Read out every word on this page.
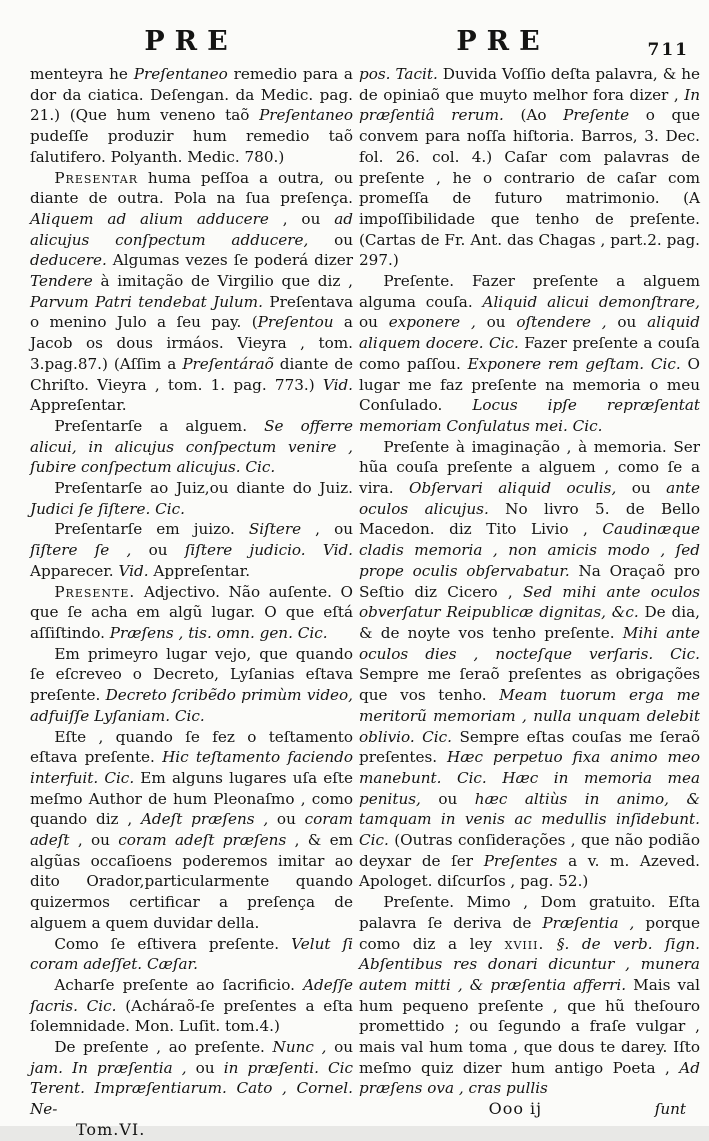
PRE	PRE	711

menteyra he Preſentaneo remedio para a dor da ciatica. Deſengan. da Medic. pag. 21.) (Que hum veneno taõ Preſentaneo pudeſſe produzir hum remedio taõ ſalutifero. Polyanth. Medic. 780.)

Presentar huma peſſoa a outra, ou diante de outra. Pola na ſua preſença. Aliquem ad alium adducere , ou ad alicujus conſpectum adducere, ou deducere. Algumas vezes ſe poderá dizer Tendere à imitação de Virgilio que diz , Parvum Patri tendebat Julum. Preſentava o menino Julo a ſeu pay. (Preſentou a Jacob os dous irmáos. Vieyra , tom. 3.pag.87.) (Aſſim a Preſentáraõ diante de Chriſto. Vieyra , tom. 1. pag. 773.) Vid. Appreſentar.

Preſentarſe a alguem. Se offerre alicui, in alicujus conſpectum venire , ſubire conſpectum alicujus. Cic.

Preſentarſe ao Juiz,ou diante do Juiz. Judici ſe ſiſtere. Cic.

Preſentarſe em juizo. Siſtere , ou ſiſtere ſe , ou ſiſtere judicio. Vid. Apparecer. Vid. Appreſentar.

Presente. Adjectivo. Não auſente. O que ſe acha em algũ lugar. O que eſtá aſſiſtindo. Præſens , tis. omn. gen. Cic.

Em primeyro lugar vejo, que quando ſe eſcreveo o Decreto, Lyſanias eſtava preſente. Decreto ſcribẽdo primùm video, adfuiſſe Lyſaniam. Cic.

Eſte , quando ſe fez o teſtamento eſtava preſente. Hic teſtamento faciendo interfuit. Cic. Em alguns lugares uſa eſte meſmo Author de hum Pleonaſmo , como quando diz , Adeſt præſens , ou coram adeſt , ou coram adeſt præſens , & em algũas occaſioens poderemos imitar ao dito Orador,particularmente quando quizermos certificar a preſença de alguem a quem duvidar della.

Como ſe eſtivera preſente. Velut ſi coram adeſſet. Cæſar.

Acharſe preſente ao ſacrificio. Adeſſe ſacris. Cic. (Acháraõ-ſe preſentes a eſta ſolemnidade. Mon. Luſit. tom.4.)

De preſente , ao preſente. Nunc , ou jam. In præſentia , ou in præſenti. Cic Terent. Impræſentiarum. Cato , Cornel. Ne-

Tom.VI.

pos. Tacit. Duvida Voſſio deſta palavra, & he de opiniaõ que muyto melhor fora dizer , In præſentiâ rerum. (Ao Preſente o que convem para noſſa hiſtoria. Barros, 3. Dec. fol. 26. col. 4.) Caſar com palavras de preſente , he o contrario de caſar com promeſſa de futuro matrimonio. (A impoſſibilidade que tenho de preſente. (Cartas de Fr. Ant. das Chagas , part.2. pag. 297.)

Preſente. Fazer preſente a alguem alguma couſa. Aliquid alicui demonſtrare, ou exponere , ou oſtendere , ou aliquid aliquem docere. Cic. Fazer preſente a couſa como paſſou. Exponere rem geſtam. Cic. O lugar me faz preſente na memoria o meu Conſulado. Locus ipſe repræſentat memoriam Conſulatus mei. Cic.

Preſente à imaginação , à memoria. Ser hũa couſa preſente a alguem , como ſe a vira. Obſervari aliquid oculis, ou ante oculos alicujus. No livro 5. de Bello Macedon. diz Tito Livio , Caudinæque cladis memoria , non amicis modo , ſed prope oculis obſervabatur. Na Oraçaõ pro Seſtio diz Cicero , Sed mihi ante oculos obverſatur Reipublicæ dignitas, &c. De dia, & de noyte vos tenho preſente. Mihi ante oculos dies , nocteſque verſaris. Cic. Sempre me ſeraõ preſentes as obrigações que vos tenho. Meam tuorum erga me meritorũ memoriam , nulla unquam delebit oblivio. Cic. Sempre eſtas couſas me ſeraõ preſentes. Hæc perpetuo fixa animo meo manebunt. Cic. Hæc in memoria mea penitus, ou hæc altiùs in animo, & tamquam in venis ac medullis inſidebunt. Cic. (Outras conſiderações , que não podião deyxar de ſer Preſentes a v. m. Azeved. Apologet. diſcurſos , pag. 52.)

Preſente. Mimo , Dom gratuito. Eſta palavra ſe deriva de Præſentia , porque como diz a ley xviii. §. de verb. ſign. Abſentibus res donari dicuntur , munera autem mitti , & præſentia afferri. Mais val hum pequeno preſente , que hũ theſouro promettido ; ou ſegundo a fraſe vulgar , mais val hum toma , que dous te darey. Iſto meſmo quiz dizer hum antigo Poeta , Ad præſens ova , cras pullis

Ooo ij	ſunt
